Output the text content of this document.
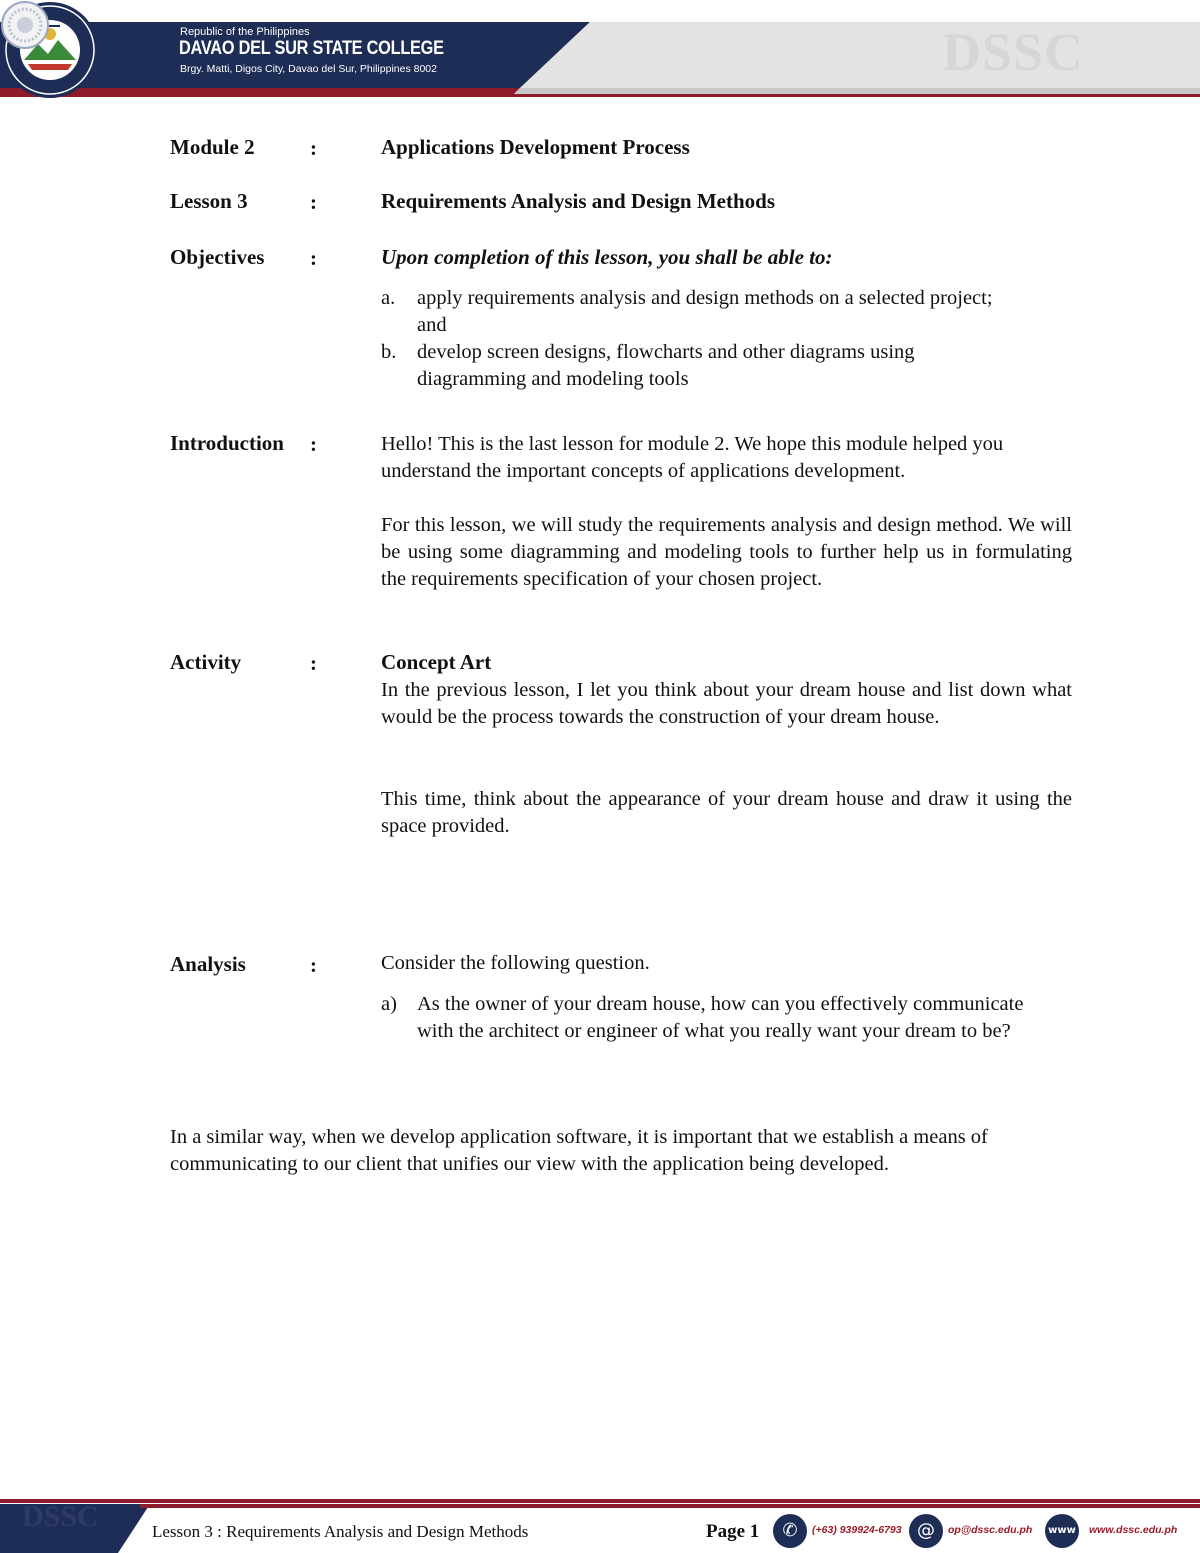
Republic of the Philippines
DAVAO DEL SUR STATE COLLEGE
Brgy. Matti, Digos City, Davao del Sur, Philippines 8002	DSSC
Module 2	:	Applications Development Process
Lesson 3	:	Requirements Analysis and Design Methods
Objectives :	Upon completion of this lesson, you shall be able to:
a. apply requirements analysis and design methods on a selected project; and
b. develop screen designs, flowcharts and other diagrams using diagramming and modeling tools
Introduction :	Hello! This is the last lesson for module 2. We hope this module helped you understand the important concepts of applications development.
For this lesson, we will study the requirements analysis and design method. We will be using some diagramming and modeling tools to further help us in formulating the requirements specification of your chosen project.
Activity	:	Concept Art
In the previous lesson, I let you think about your dream house and list down what would be the process towards the construction of your dream house.
This time, think about the appearance of your dream house and draw it using the space provided.
Analysis	:	Consider the following question.
a) As the owner of your dream house, how can you effectively communicate with the architect or engineer of what you really want your dream to be?
In a similar way, when we develop application software, it is important that we establish a means of communicating to our client that unifies our view with the application being developed.
DSSC	Lesson 3 : Requirements Analysis and Design Methods	Page 1	✆	(+63) 939924-6793 @	op@dssc.edu.ph	www www.dssc.edu.ph
